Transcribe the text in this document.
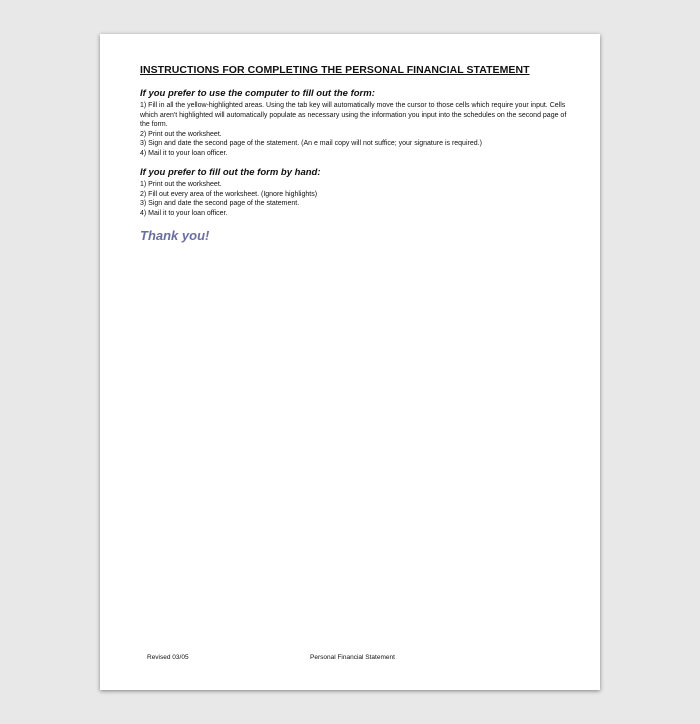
INSTRUCTIONS FOR COMPLETING THE PERSONAL FINANCIAL STATEMENT
If you prefer to use the computer to fill out the form:
1) Fill in all the yellow-highlighted areas. Using the tab key will automatically move the cursor to those cells which require your input. Cells which aren't highlighted will automatically populate as necessary using the information you input into the schedules on the second page of the form.
2) Print out the worksheet.
3) Sign and date the second page of the statement. (An e mail copy will not suffice; your signature is required.)
4) Mail it to your loan officer.
If you prefer to fill out the form by hand:
1) Print out the worksheet.
2) Fill out every area of the worksheet. (Ignore highlights)
3) Sign and date the second page of the statement.
4) Mail it to your loan officer.
Thank you!
Revised 03/05	Personal Financial Statement
